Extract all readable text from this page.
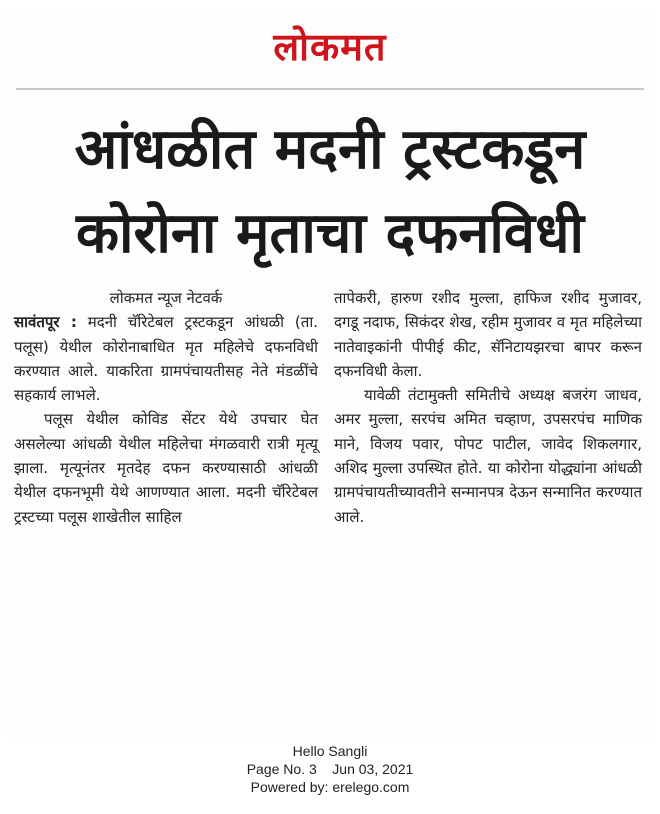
लोकमत
आंधळीत मदनी ट्रस्टकडून
कोरोना मृताचा दफनविधी
लोकमत न्यूज नेटवर्क

सावंतपूर : मदनी चॅरिटेबल ट्रस्टकडून आंधळी (ता. पलूस) येथील कोरोनाबाधित मृत महिलेचे दफनविधी करण्यात आले. याकरिता ग्रामपंचायतीसह नेते मंडळींचे सहकार्य लाभले.

पलूस येथील कोविड सेंटर येथे उपचार घेत असलेल्या आंधळी येथील महिलेचा मंगळवारी रात्री मृत्यू झाला. मृत्यूनंतर मृतदेह दफन करण्यासाठी आंधळी येथील दफनभूमी येथे आणण्यात आला. मदनी चॅरिटेबल ट्रस्टच्या पलूस शाखेतील साहिल

तापेकरी, हारुण रशीद मुल्ला, हाफिज रशीद मुजावर, दगडू नदाफ, सिकंदर शेख, रहीम मुजावर व मृत महिलेच्या नातेवाइकांनी पीपीई कीट, सॅनिटायझरचा बापर करून दफनविधी केला.

यावेळी तंटामुक्ती समितीचे अध्यक्ष बजरंग जाधव, अमर मुल्ला, सरपंच अमित चव्हाण, उपसरपंच माणिक माने, विजय पवार, पोपट पाटील, जावेद शिकलगार, अशिद मुल्ला उपस्थित होते. या कोरोना योद्ध्यांना आंधळी ग्रामपंचायतीच्यावतीने सन्मानपत्र देऊन सन्मानित करण्यात आले.

Hello Sangli
Page No. 3    Jun 03, 2021
Powered by: erelego.com
